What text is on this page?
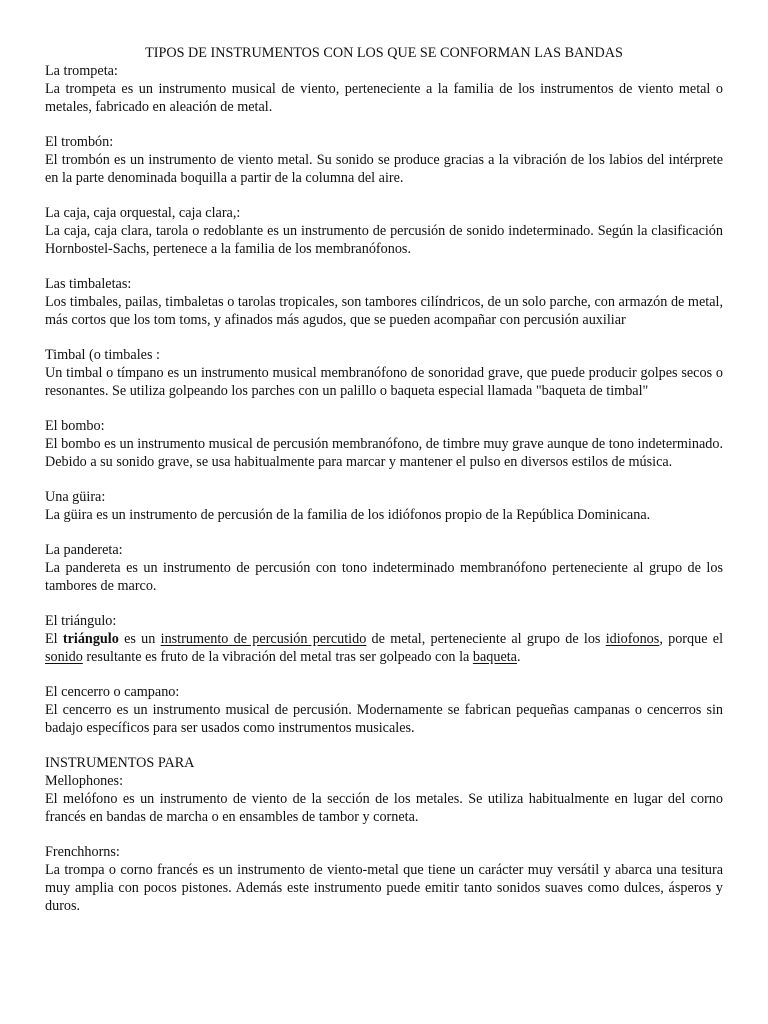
TIPOS DE INSTRUMENTOS CON LOS QUE SE CONFORMAN LAS BANDAS

La trompeta:

La trompeta es un instrumento musical de viento, perteneciente a la familia de los instrumentos de viento metal o metales, fabricado en aleación de metal.

El trombón:

El trombón es un instrumento de viento metal. Su sonido se produce gracias a la vibración de los labios del intérprete en la parte denominada boquilla a partir de la columna del aire.

La caja, caja orquestal, caja clara,:

La caja, caja clara, tarola o redoblante es un instrumento de percusión de sonido indeterminado. Según la clasificación Hornbostel-Sachs, pertenece a la familia de los membranófonos.

Las timbaletas:

Los timbales, pailas, timbaletas o tarolas tropicales, son tambores cilíndricos, de un solo parche, con armazón de metal, más cortos que los tom toms, y afinados más agudos, que se pueden acompañar con percusión auxiliar

Timbal (o timbales :

Un timbal o tímpano es un instrumento musical membranófono de sonoridad grave, que puede producir golpes secos o resonantes. Se utiliza golpeando los parches con un palillo o baqueta especial llamada "baqueta de timbal"

El bombo:

El bombo es un instrumento musical de percusión membranófono, de timbre muy grave aunque de tono indeterminado. Debido a su sonido grave, se usa habitualmente para marcar y mantener el pulso en diversos estilos de música.

Una güira:

La güira es un instrumento de percusión de la familia de los idiófonos propio de la República Dominicana.

La pandereta:

La pandereta es un instrumento de percusión con tono indeterminado membranófono perteneciente al grupo de los tambores de marco.

El triángulo:

El triángulo es un instrumento de percusión percutido de metal, perteneciente al grupo de los idiofonos, porque el sonido resultante es fruto de la vibración del metal tras ser golpeado con la baqueta.

El cencerro o campano:

El cencerro es un instrumento musical de percusión. Modernamente se fabrican pequeñas campanas o cencerros sin badajo específicos para ser usados como instrumentos musicales.

INSTRUMENTOS PARA

Mellophones:

El melófono es un instrumento de viento de la sección de los metales. Se utiliza habitualmente en lugar del corno francés en bandas de marcha o en ensambles de tambor y corneta.

Frenchhorns:

La trompa o corno francés es un instrumento de viento-metal que tiene un carácter muy versátil y abarca una tesitura muy amplia con pocos pistones. Además este instrumento puede emitir tanto sonidos suaves como dulces, ásperos y duros.
